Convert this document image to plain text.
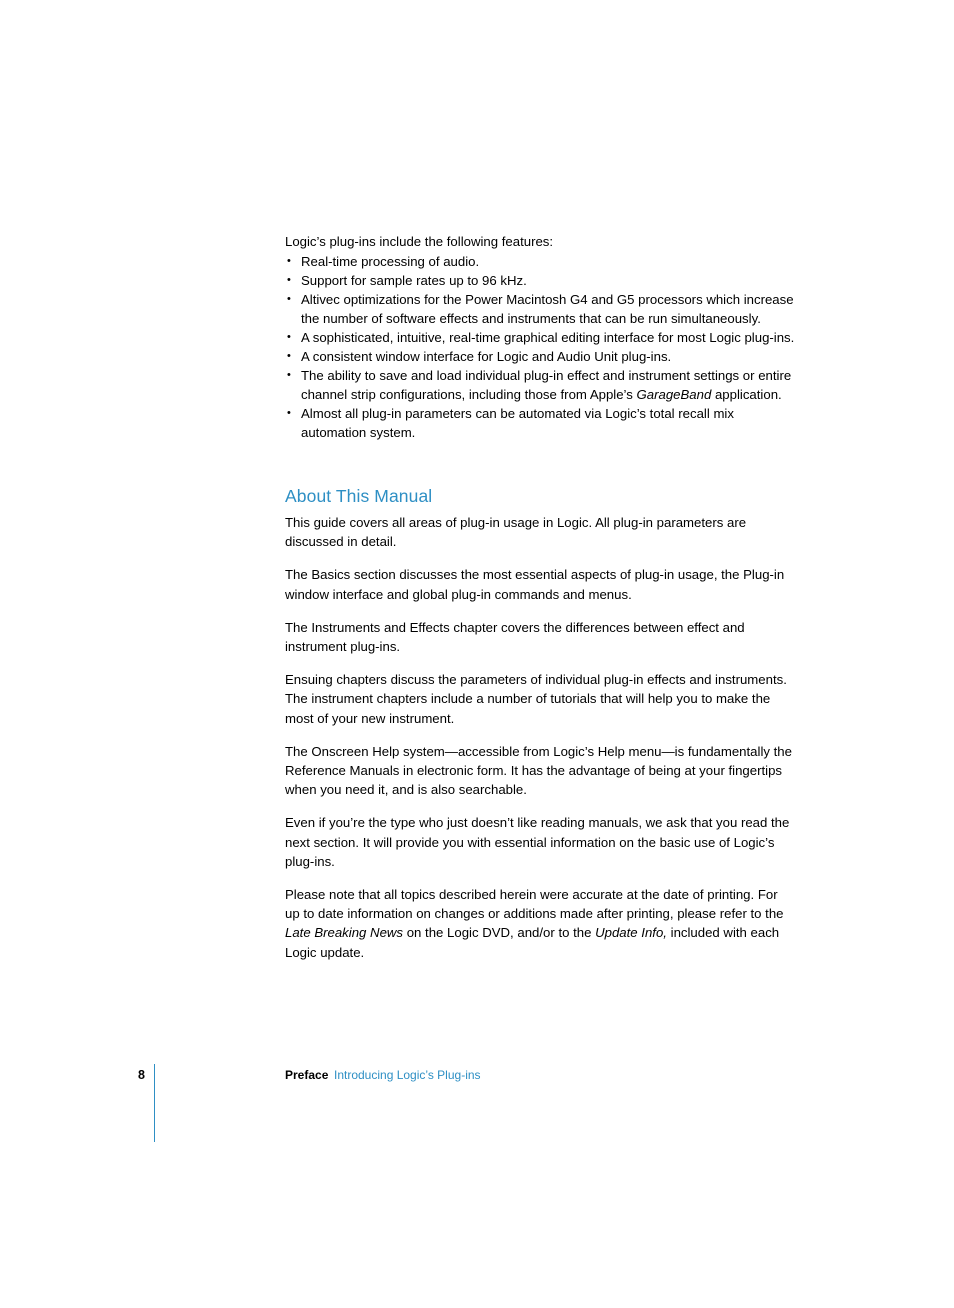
Logic’s plug-ins include the following features:

• Real-time processing of audio.
• Support for sample rates up to 96 kHz.
• Altivec optimizations for the Power Macintosh G4 and G5 processors which increase the number of software effects and instruments that can be run simultaneously.
• A sophisticated, intuitive, real-time graphical editing interface for most Logic plug-ins.
• A consistent window interface for Logic and Audio Unit plug-ins.
• The ability to save and load individual plug-in effect and instrument settings or entire channel strip configurations, including those from Apple’s GarageBand application.
• Almost all plug-in parameters can be automated via Logic’s total recall mix automation system.
About This Manual

This guide covers all areas of plug-in usage in Logic. All plug-in parameters are discussed in detail.

The Basics section discusses the most essential aspects of plug-in usage, the Plug-in window interface and global plug-in commands and menus.

The Instruments and Effects chapter covers the differences between effect and instrument plug-ins.

Ensuing chapters discuss the parameters of individual plug-in effects and instruments. The instrument chapters include a number of tutorials that will help you to make the most of your new instrument.

The Onscreen Help system—accessible from Logic’s Help menu—is fundamentally the Reference Manuals in electronic form. It has the advantage of being at your fingertips when you need it, and is also searchable.

Even if you’re the type who just doesn’t like reading manuals, we ask that you read the next section. It will provide you with essential information on the basic use of Logic’s plug-ins.

Please note that all topics described herein were accurate at the date of printing. For up to date information on changes or additions made after printing, please refer to the Late Breaking News on the Logic DVD, and/or to the Update Info, included with each Logic update.

8	Preface Introducing Logic’s Plug-ins
